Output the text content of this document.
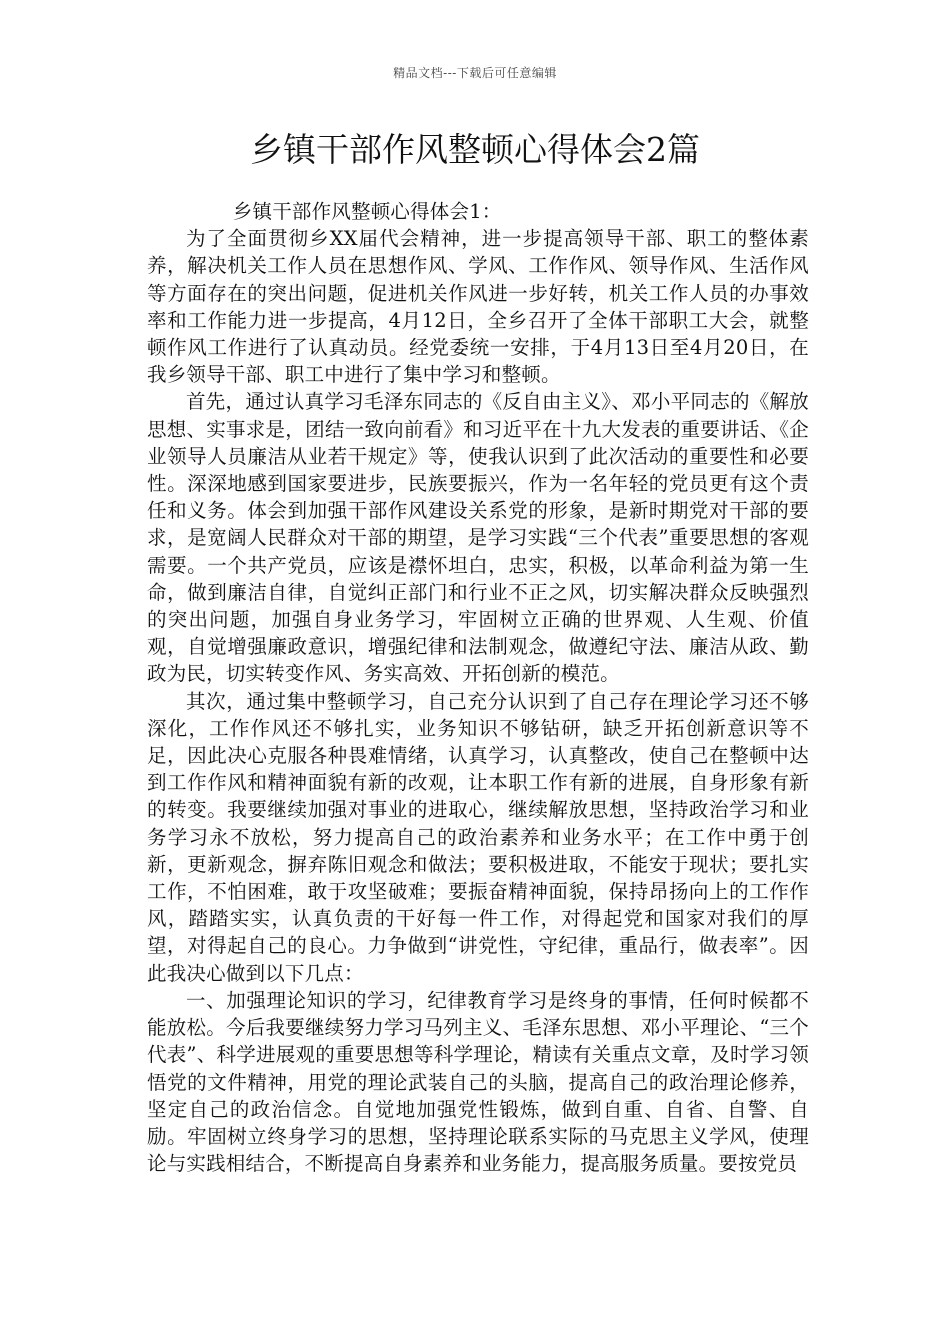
精品文档---下载后可任意编辑
乡镇干部作风整顿心得体会2篇

乡镇干部作风整顿心得体会1：

为了全面贯彻乡XX届代会精神，进一步提高领导干部、职工的整体素养，解决机关工作人员在思想作风、学风、工作作风、领导作风、生活作风等方面存在的突出问题，促进机关作风进一步好转，机关工作人员的办事效率和工作能力进一步提高，4月12日，全乡召开了全体干部职工大会，就整顿作风工作进行了认真动员。经党委统一安排，于4月13日至4月20日，在我乡领导干部、职工中进行了集中学习和整顿。

首先，通过认真学习毛泽东同志的《反自由主义》、邓小平同志的《解放思想、实事求是，团结一致向前看》和习近平在十九大发表的重要讲话、《企业领导人员廉洁从业若干规定》等，使我认识到了此次活动的重要性和必要性。深深地感到国家要进步，民族要振兴，作为一名年轻的党员更有这个责任和义务。体会到加强干部作风建设关系党的形象，是新时期党对干部的要求，是宽阔人民群众对干部的期望，是学习实践“三个代表”重要思想的客观需要。一个共产党员，应该是襟怀坦白，忠实，积极，以革命利益为第一生命，做到廉洁自律，自觉纠正部门和行业不正之风，切实解决群众反映强烈的突出问题，加强自身业务学习，牢固树立正确的世界观、人生观、价值观，自觉增强廉政意识，增强纪律和法制观念，做遵纪守法、廉洁从政、勤政为民，切实转变作风、务实高效、开拓创新的模范。

其次，通过集中整顿学习，自己充分认识到了自己存在理论学习还不够深化，工作作风还不够扎实，业务知识不够钻研，缺乏开拓创新意识等不足，因此决心克服各种畏难情绪，认真学习，认真整改，使自己在整顿中达到工作作风和精神面貌有新的改观，让本职工作有新的进展，自身形象有新的转变。我要继续加强对事业的进取心，继续解放思想，坚持政治学习和业务学习永不放松，努力提高自己的政治素养和业务水平；在工作中勇于创新，更新观念，摒弃陈旧观念和做法；要积极进取，不能安于现状；要扎实工作，不怕困难，敢于攻坚破难；要振奋精神面貌，保持昂扬向上的工作作风，踏踏实实，认真负责的干好每一件工作，对得起党和国家对我们的厚望，对得起自己的良心。力争做到“讲党性，守纪律，重品行，做表率”。因此我决心做到以下几点：

一、加强理论知识的学习，纪律教育学习是终身的事情，任何时候都不能放松。今后我要继续努力学习马列主义、毛泽东思想、邓小平理论、“三个代表”、科学进展观的重要思想等科学理论，精读有关重点文章，及时学习领悟党的文件精神，用党的理论武装自己的头脑，提高自己的政治理论修养，坚定自己的政治信念。自觉地加强党性锻炼，做到自重、自省、自警、自励。牢固树立终身学习的思想，坚持理论联系实际的马克思主义学风，使理论与实践相结合，不断提高自身素养和业务能力，提高服务质量。要按党员
